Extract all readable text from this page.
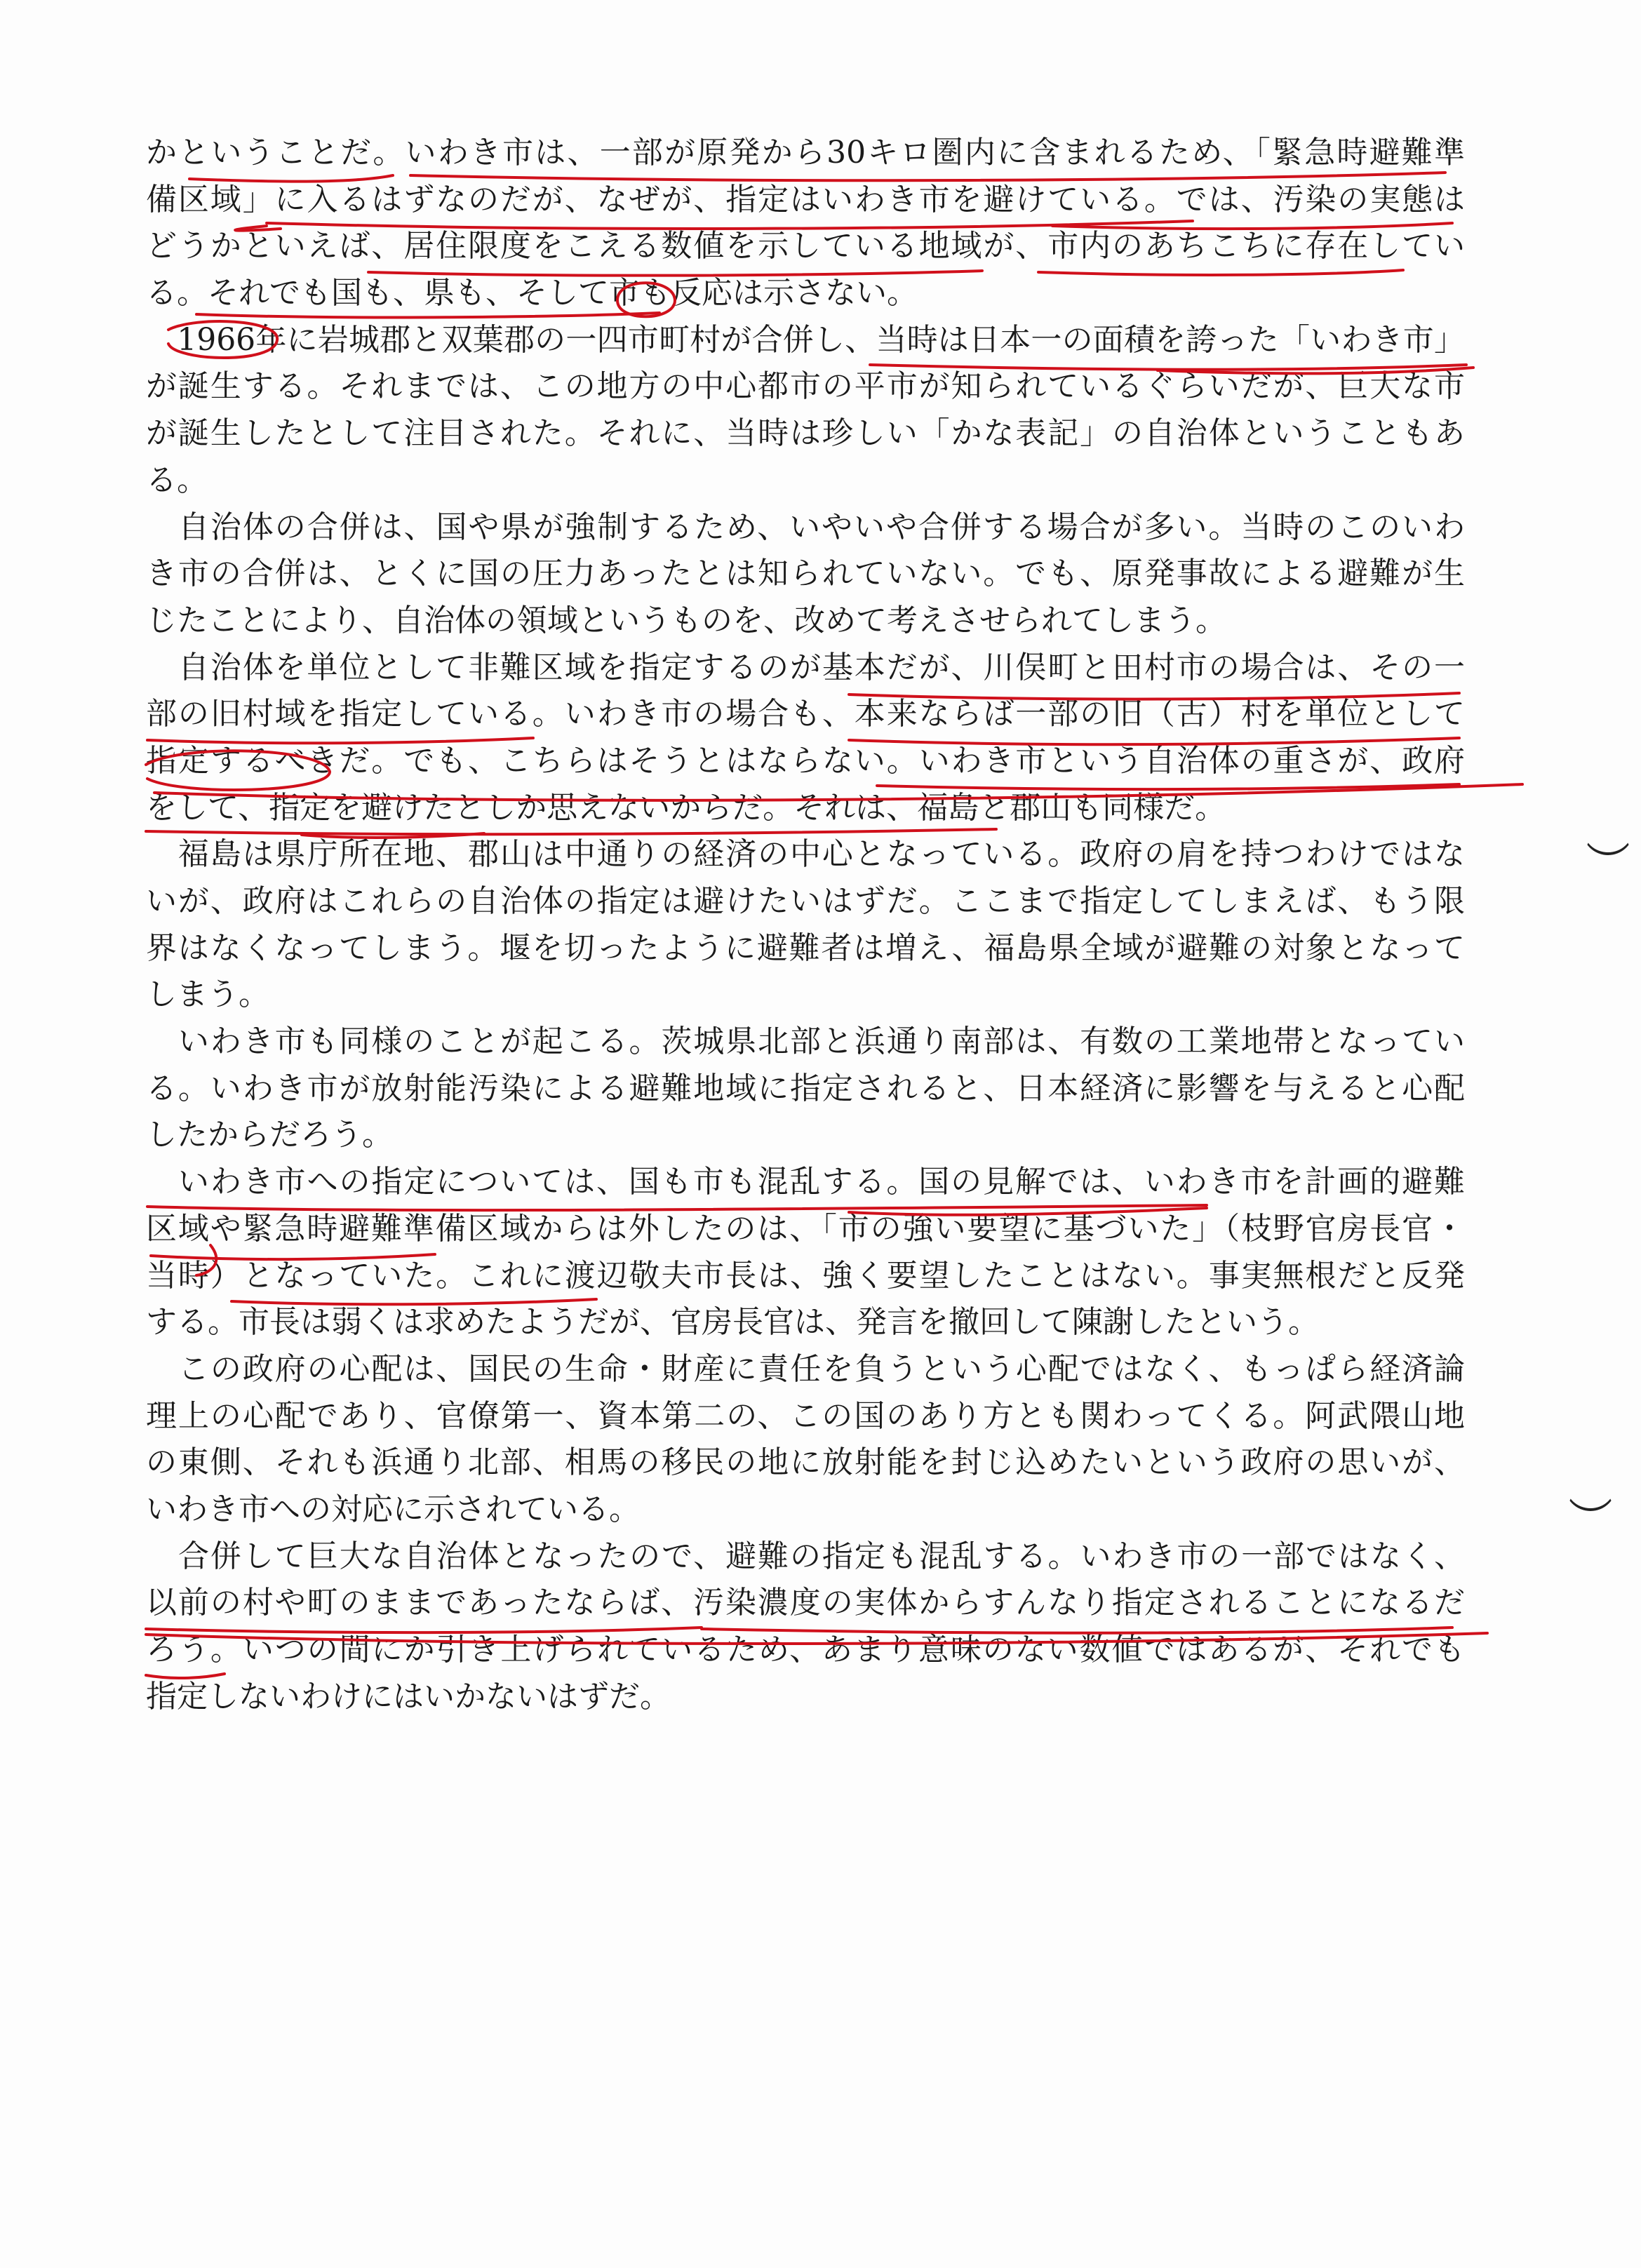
かということだ。いわき市は、一部が原発から30キロ圏内に含まれるため、「緊急時避難準
備区域」に入るはずなのだが、なぜが、指定はいわき市を避けている。では、汚染の実態は
どうかといえば、居住限度をこえる数値を示している地域が、市内のあちこちに存在してい
る。それでも国も、県も、そして市も反応は示さない。
　1966年に岩城郡と双葉郡の一四市町村が合併し、当時は日本一の面積を誇った「いわき市」
が誕生する。それまでは、この地方の中心都市の平市が知られているぐらいだが、巨大な市
が誕生したとして注目された。それに、当時は珍しい「かな表記」の自治体ということもあ
る。
　自治体の合併は、国や県が強制するため、いやいや合併する場合が多い。当時のこのいわ
き市の合併は、とくに国の圧力あったとは知られていない。でも、原発事故による避難が生
じたことにより、自治体の領域というものを、改めて考えさせられてしまう。
　自治体を単位として非難区域を指定するのが基本だが、川俣町と田村市の場合は、その一
部の旧村域を指定している。いわき市の場合も、本来ならば一部の旧（古）村を単位として
指定するべきだ。でも、こちらはそうとはならない。いわき市という自治体の重さが、政府
をして、指定を避けたとしか思えないからだ。それは、福島と郡山も同様だ。
　福島は県庁所在地、郡山は中通りの経済の中心となっている。政府の肩を持つわけではな
いが、政府はこれらの自治体の指定は避けたいはずだ。ここまで指定してしまえば、もう限
界はなくなってしまう。堰を切ったように避難者は増え、福島県全域が避難の対象となって
しまう。
　いわき市も同様のことが起こる。茨城県北部と浜通り南部は、有数の工業地帯となってい
る。いわき市が放射能汚染による避難地域に指定されると、日本経済に影響を与えると心配
したからだろう。
　いわき市への指定については、国も市も混乱する。国の見解では、いわき市を計画的避難
区域や緊急時避難準備区域からは外したのは、「市の強い要望に基づいた」（枝野官房長官・
当時）となっていた。これに渡辺敬夫市長は、強く要望したことはない。事実無根だと反発
する。市長は弱くは求めたようだが、官房長官は、発言を撤回して陳謝したという。
　この政府の心配は、国民の生命・財産に責任を負うという心配ではなく、もっぱら経済論
理上の心配であり、官僚第一、資本第二の、この国のあり方とも関わってくる。阿武隈山地
の東側、それも浜通り北部、相馬の移民の地に放射能を封じ込めたいという政府の思いが、
いわき市への対応に示されている。
　合併して巨大な自治体となったので、避難の指定も混乱する。いわき市の一部ではなく、
以前の村や町のままであったならば、汚染濃度の実体からすんなり指定されることになるだ
ろう。いつの間にか引き上げられているため、あまり意味のない数値ではあるが、それでも
指定しないわけにはいかないはずだ。
